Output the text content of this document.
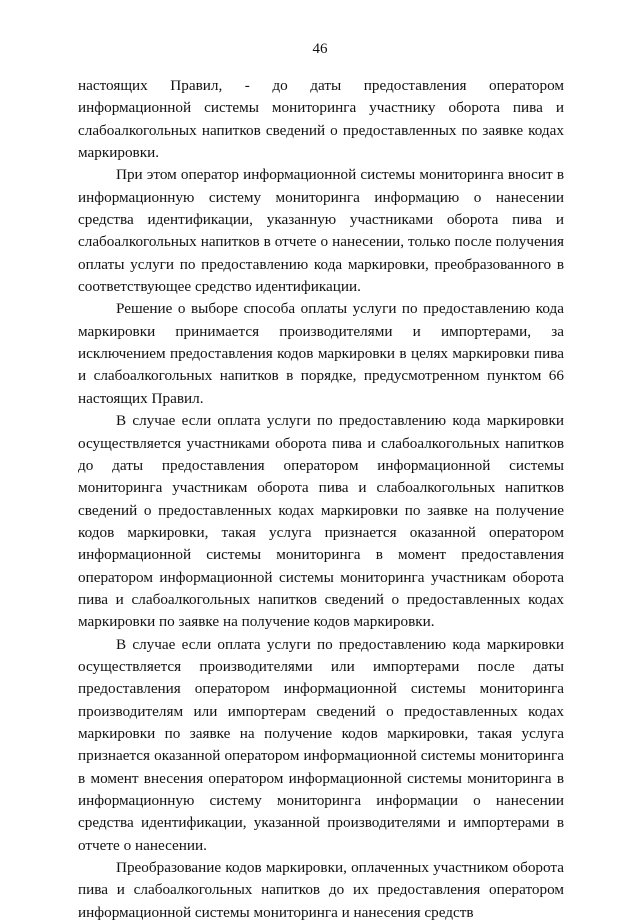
46

настоящих Правил, - до даты предоставления оператором информационной системы мониторинга участнику оборота пива и слабоалкогольных напитков сведений о предоставленных по заявке кодах маркировки.

При этом оператор информационной системы мониторинга вносит в информационную систему мониторинга информацию о нанесении средства идентификации, указанную участниками оборота пива и слабоалкогольных напитков в отчете о нанесении, только после получения оплаты услуги по предоставлению кода маркировки, преобразованного в соответствующее средство идентификации.

Решение о выборе способа оплаты услуги по предоставлению кода маркировки принимается производителями и импортерами, за исключением предоставления кодов маркировки в целях маркировки пива и слабоалкогольных напитков в порядке, предусмотренном пунктом 66 настоящих Правил.

В случае если оплата услуги по предоставлению кода маркировки осуществляется участниками оборота пива и слабоалкогольных напитков до даты предоставления оператором информационной системы мониторинга участникам оборота пива и слабоалкогольных напитков сведений о предоставленных кодах маркировки по заявке на получение кодов маркировки, такая услуга признается оказанной оператором информационной системы мониторинга в момент предоставления оператором информационной системы мониторинга участникам оборота пива и слабоалкогольных напитков сведений о предоставленных кодах маркировки по заявке на получение кодов маркировки.

В случае если оплата услуги по предоставлению кода маркировки осуществляется производителями или импортерами после даты предоставления оператором информационной системы мониторинга производителям или импортерам сведений о предоставленных кодах маркировки по заявке на получение кодов маркировки, такая услуга признается оказанной оператором информационной системы мониторинга в момент внесения оператором информационной системы мониторинга в информационную систему мониторинга информации о нанесении средства идентификации, указанной производителями и импортерами в отчете о нанесении.

Преобразование кодов маркировки, оплаченных участником оборота пива и слабоалкогольных напитков до их предоставления оператором информационной системы мониторинга и нанесения средств
